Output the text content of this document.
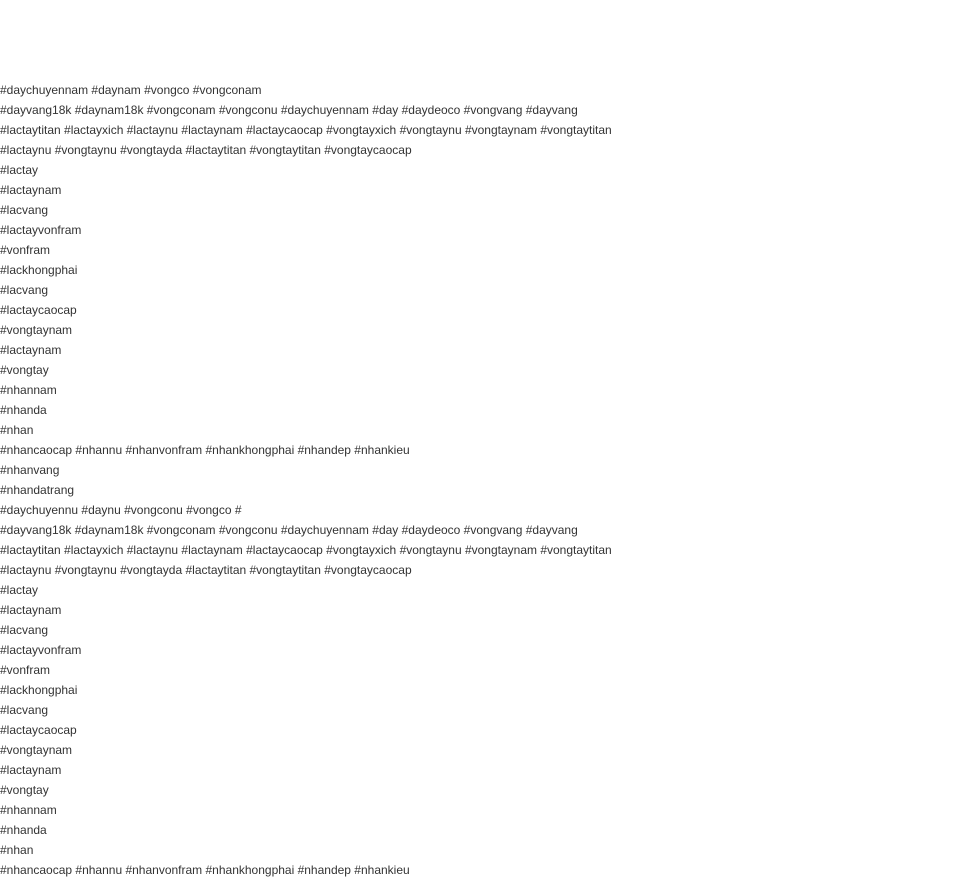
#daychuyennam #daynam #vongco #vongconam
#dayvang18k #daynam18k #vongconam #vongconu #daychuyennam #day #daydeoco #vongvang #dayvang
#lactaytitan #lactayxich #lactaynu #lactaynam #lactaycaocap #vongtayxich #vongtaynu #vongtaynam #vongtaytitan
#lactaynu #vongtaynu #vongtayda #lactaytitan #vongtaytitan #vongtaycaocap
#lactay
#lactaynam
#lacvang
#lactayvonfram
#vonfram
#lackhongphai
#lacvang
#lactaycaocap
#vongtaynam
#lactaynam
#vongtay
#nhannam
#nhanda
#nhan
#nhancaocap #nhannu #nhanvonfram #nhankhongphai #nhandep #nhankieu
#nhanvang
#nhandatrang
#daychuyennu #daynu #vongconu #vongco #
#dayvang18k #daynam18k #vongconam #vongconu #daychuyennam #day #daydeoco #vongvang #dayvang
#lactaytitan #lactayxich #lactaynu #lactaynam #lactaycaocap #vongtayxich #vongtaynu #vongtaynam #vongtaytitan
#lactaynu #vongtaynu #vongtayda #lactaytitan #vongtaytitan #vongtaycaocap
#lactay
#lactaynam
#lacvang
#lactayvonfram
#vonfram
#lackhongphai
#lacvang
#lactaycaocap
#vongtaynam
#lactaynam
#vongtay
#nhannam
#nhanda
#nhan
#nhancaocap #nhannu #nhanvonfram #nhankhongphai #nhandep #nhankieu
